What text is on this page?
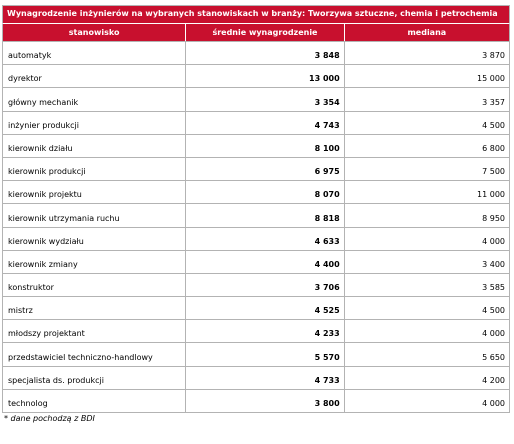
Wynagrodzenie inżynierów na wybranych stanowiskach w branży: Tworzywa sztuczne, chemia i petrochemia
stanowisko	średnie wynagrodzenie	mediana
automatyk	3 848	3 870
dyrektor	13 000	15 000
główny mechanik	3 354	3 357
inżynier produkcji	4 743	4 500
kierownik działu	8 100	6 800
kierownik produkcji	6 975	7 500
kierownik projektu	8 070	11 000
kierownik utrzymania ruchu	8 818	8 950
kierownik wydziału	4 633	4 000
kierownik zmiany	4 400	3 400
konstruktor	3 706	3 585
mistrz	4 525	4 500
młodszy projektant	4 233	4 000
przedstawiciel techniczno-handlowy	5 570	5 650
specjalista ds. produkcji	4 733	4 200
technolog	3 800	4 000
* dane pochodzą z BDI
